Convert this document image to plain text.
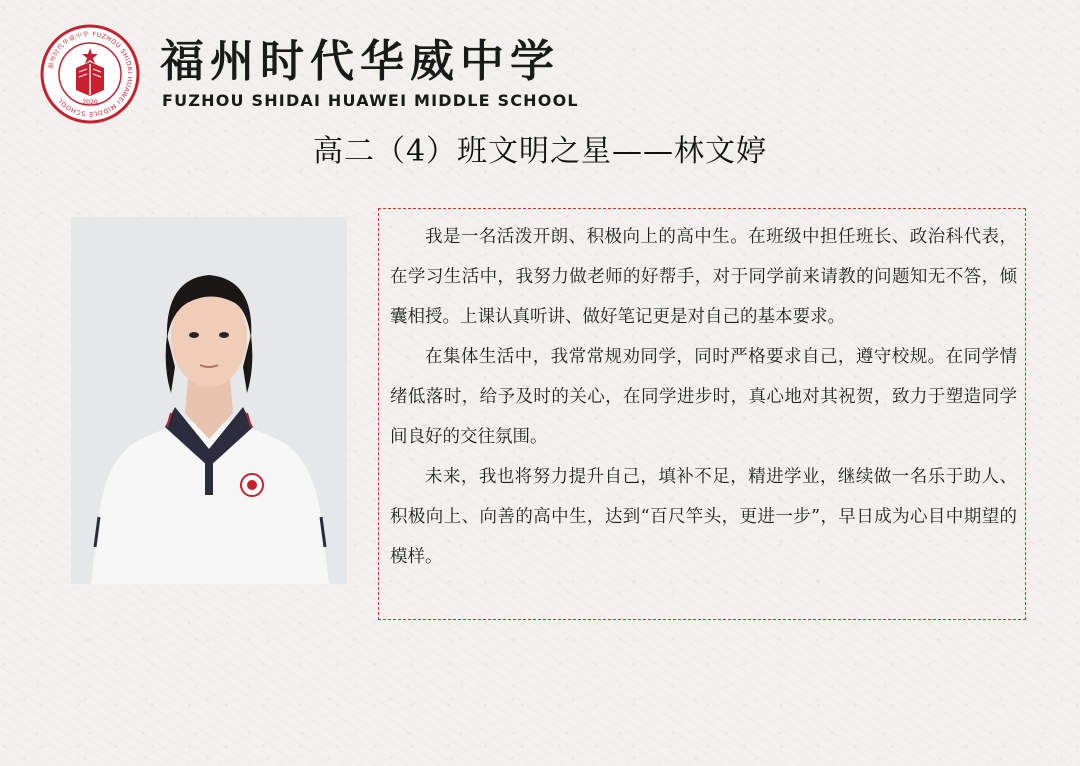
福州时代华威中学 FUZHOU SHIDAI HUAWEI MIDDLE SCHOOL	2020
福州时代华威中学
FUZHOU SHIDAI HUAWEI MIDDLE SCHOOL
高二（4）班文明之星——林文婷

我是一名活泼开朗、积极向上的高中生。在班级中担任班长、政治科代表，在学习生活中，我努力做老师的好帮手，对于同学前来请教的问题知无不答，倾囊相授。上课认真听讲、做好笔记更是对自己的基本要求。

在集体生活中，我常常规劝同学，同时严格要求自己，遵守校规。在同学情绪低落时，给予及时的关心，在同学进步时，真心地对其祝贺，致力于塑造同学间良好的交往氛围。

未来，我也将努力提升自己，填补不足，精进学业，继续做一名乐于助人、积极向上、向善的高中生，达到“百尺竿头，更进一步”，早日成为心目中期望的模样。
